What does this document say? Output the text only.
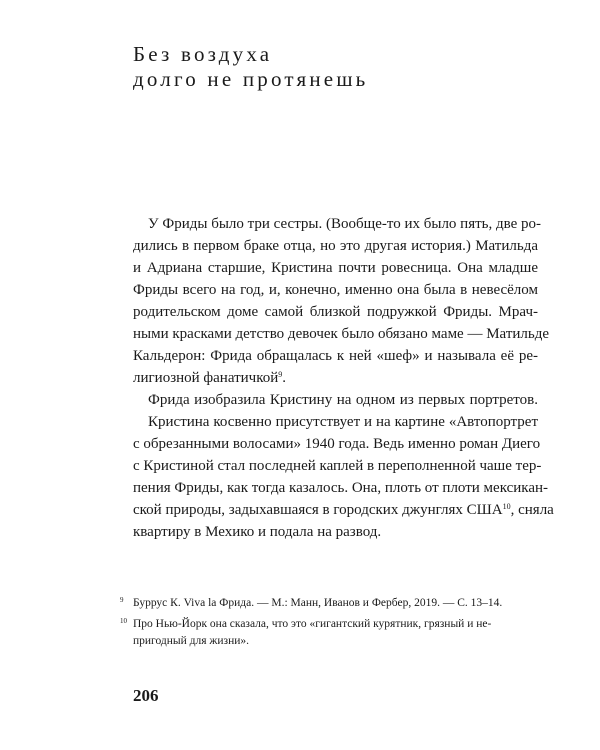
Без воздуха
долго не протянешь
У Фриды было три сестры. (Вообще-то их было пять, две ро-
дились в первом браке отца, но это другая история.) Матильда
и Адриана старшие, Кристина почти ровесница. Она младше
Фриды всего на год, и, конечно, именно она была в невесёлом
родительском доме самой близкой подружкой Фриды. Мрач-
ными красками детство девочек было обязано маме — Матильде
Кальдерон: Фрида обращалась к ней «шеф» и называла её ре-
лигиозной фанатичкой$^9$.
Фрида изобразила Кристину на одном из первых портретов.
Кристина косвенно присутствует и на картине «Автопортрет
с обрезанными волосами» 1940 года. Ведь именно роман Диего
с Кристиной стал последней каплей в переполненной чаше тер-
пения Фриды, как тогда казалось. Она, плоть от плоти мексикан-
ской природы, задыхавшаяся в городских джунглях США$^{10}$, сняла
квартиру в Мехико и подала на развод.
9 Буррус К. Viva la Фрида. — М.: Манн, Иванов и Фербер, 2019. — С. 13–14.
10 Про Нью-Йорк она сказала, что это «гигантский курятник, грязный и не-
пригодный для жизни».
206
